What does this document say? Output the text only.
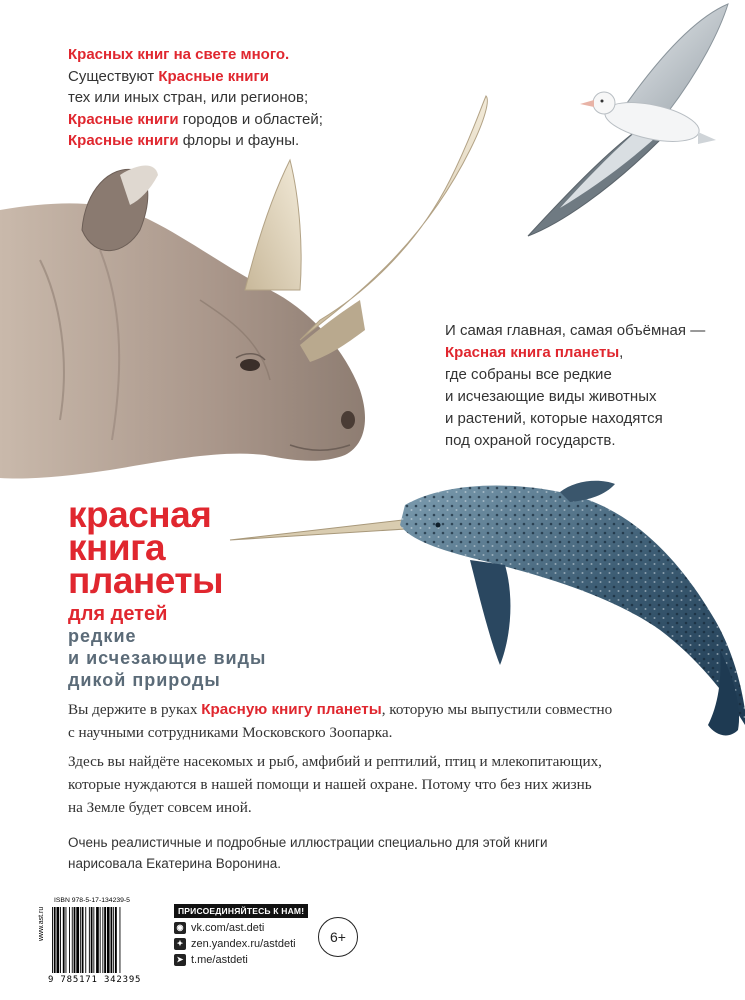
Красных книг на свете много.
Существуют Красные книги
тех или иных стран, или регионов;
Красные книги городов и областей;
Красные книги флоры и фауны.
И самая главная, самая объёмная —
Красная книга планеты,
где собраны все редкие
и исчезающие виды животных
и растений, которые находятся
под охраной государств.
красная
книга
планеты
для детей
редкие
и исчезающие виды
дикой природы

Вы держите в руках Красную книгу планеты, которую мы выпустили совместно
с научными сотрудниками Московского Зоопарка.

Здесь вы найдёте насекомых и рыб, амфибий и рептилий, птиц и млекопитающих,
которые нуждаются в нашей помощи и нашей охране. Потому что без них жизнь
на Земле будет совсем иной.

Очень реалистичные и подробные иллюстрации специально для этой книги
нарисовала Екатерина Воронина.
ISBN 978-5-17-134239-5
www.ast.ru
9 785171 342395
ПРИСОЕДИНЯЙТЕСЬ К НАМ!
◉ vk.com/ast.deti
✦ zen.yandex.ru/astdeti
➤ t.me/astdeti
6+
